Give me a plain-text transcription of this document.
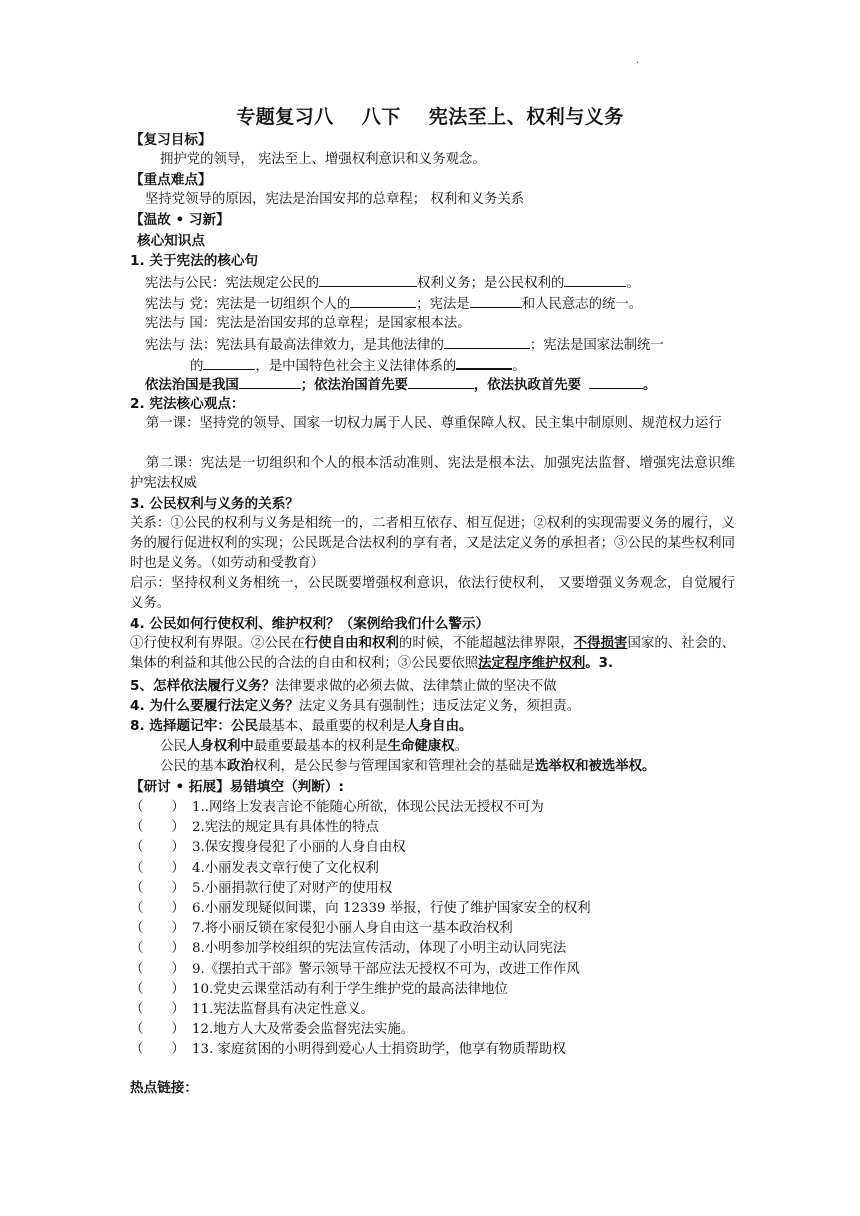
·
专题复习八 八下 宪法至上、权利与义务
【复习目标】
拥护党的领导， 宪法至上、增强权利意识和义务观念。
【重点难点】
坚持党领导的原因，宪法是治国安邦的总章程； 权利和义务关系
【温故 • 习新】
核心知识点
1. 关于宪法的核心句
宪法与公民：宪法规定公民的	权利义务；是公民权利的	。
宪法与 党：宪法是一切组织个人的	；宪法是	和人民意志的统一。
宪法与 国：宪法是治国安邦的总章程；是国家根本法。
宪法与 法：宪法具有最高法律效力，是其他法律的	；宪法是国家法制统一
的	，是中国特色社会主义法律体系的	。
依法治国是我国	；依法治国首先要	，依法执政首先要	。
2. 宪法核心观点：
第一课：坚持党的领导、国家一切权力属于人民、尊重保障人权、民主集中制原则、规范权力运行
第二课：宪法是一切组织和个人的根本活动准则、宪法是根本法、加强宪法监督、增强宪法意识维护宪法权威
3. 公民权利与义务的关系？
关系：①公民的权利与义务是相统一的，二者相互依存、相互促进；②权利的实现需要义务的履行，义务的履行促进权利的实现；公民既是合法权利的享有者，又是法定义务的承担者；③公民的某些权利同时也是义务。（如劳动和受教育）
启示：坚持权利义务相统一，公民既要增强权利意识，依法行使权利， 又要增强义务观念，自觉履行义务。
4. 公民如何行使权利、维护权利？（案例给我们什么警示）
①行使权利有界限。②公民在行使自由和权利的时候，不能超越法律界限，不得损害国家的、社会的、集体的利益和其他公民的合法的自由和权利；③公民要依照法定程序维护权利。3.
5、怎样依法履行义务？法律要求做的必须去做、法律禁止做的坚决不做
4. 为什么要履行法定义务？法定义务具有强制性；违反法定义务，须担责。
8. 选择题记牢：公民最基本、最重要的权利是人身自由。
公民人身权利中最重要最基本的权利是生命健康权。
公民的基本政治权利，是公民参与管理国家和管理社会的基础是选举权和被选举权。
【研讨 • 拓展】易错填空（判断）:
（ ） 1..网络上发表言论不能随心所欲，体现公民法无授权不可为
（ ） 2.宪法的规定具有具体性的特点
（ ） 3.保安搜身侵犯了小丽的人身自由权
（ ） 4.小丽发表文章行使了文化权利
（ ） 5.小丽捐款行使了对财产的使用权
（ ） 6.小丽发现疑似间谍，向 12339 举报，行使了维护国家安全的权利
（ ） 7.将小丽反锁在家侵犯小丽人身自由这一基本政治权利
（ ） 8.小明参加学校组织的宪法宣传活动，体现了小明主动认同宪法
（ ） 9.《摆拍式干部》警示领导干部应法无授权不可为，改进工作作风
（ ） 10.党史云课堂活动有利于学生维护党的最高法律地位
（ ） 11.宪法监督具有决定性意义。
（ ） 12.地方人大及常委会监督宪法实施。
（ ） 13. 家庭贫困的小明得到爱心人士捐资助学，他享有物质帮助权
热点链接：
